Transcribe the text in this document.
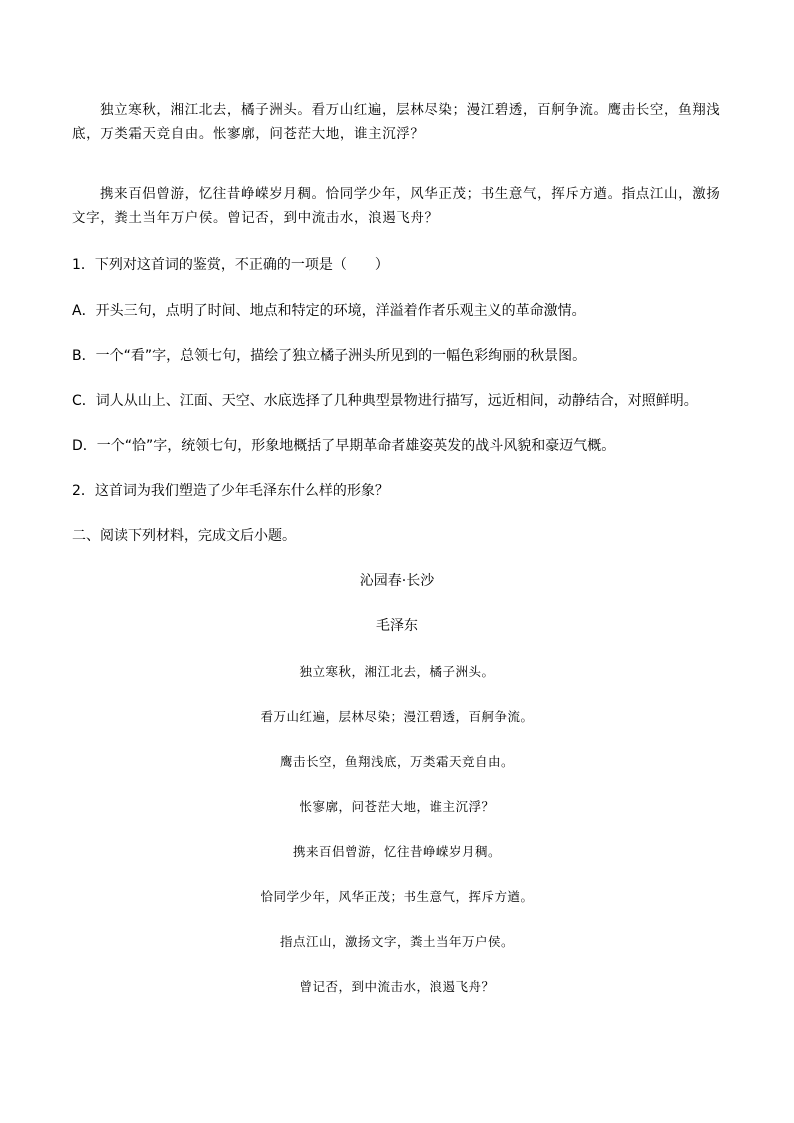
独立寒秋，湘江北去，橘子洲头。看万山红遍，层林尽染；漫江碧透，百舸争流。鹰击长空，鱼翔浅底，万类霜天竞自由。怅寥廓，问苍茫大地，谁主沉浮？

携来百侣曾游，忆往昔峥嵘岁月稠。恰同学少年，风华正茂；书生意气，挥斥方遒。指点江山，激扬文字，粪土当年万户侯。曾记否，到中流击水，浪遏飞舟？

1．下列对这首词的鉴赏，不正确的一项是（　　）

A．开头三句，点明了时间、地点和特定的环境，洋溢着作者乐观主义的革命激情。

B．一个“看”字，总领七句，描绘了独立橘子洲头所见到的一幅色彩绚丽的秋景图。

C．词人从山上、江面、天空、水底选择了几种典型景物进行描写，远近相间，动静结合，对照鲜明。

D．一个“恰”字，统领七句，形象地概括了早期革命者雄姿英发的战斗风貌和豪迈气概。

2．这首词为我们塑造了少年毛泽东什么样的形象？

二、阅读下列材料，完成文后小题。

沁园春·长沙

毛泽东

独立寒秋，湘江北去，橘子洲头。

看万山红遍，层林尽染；漫江碧透，百舸争流。

鹰击长空，鱼翔浅底，万类霜天竞自由。

怅寥廓，问苍茫大地，谁主沉浮？

携来百侣曾游，忆往昔峥嵘岁月稠。

恰同学少年，风华正茂；书生意气，挥斥方遒。

指点江山，激扬文字，粪土当年万户侯。

曾记否，到中流击水，浪遏飞舟？
